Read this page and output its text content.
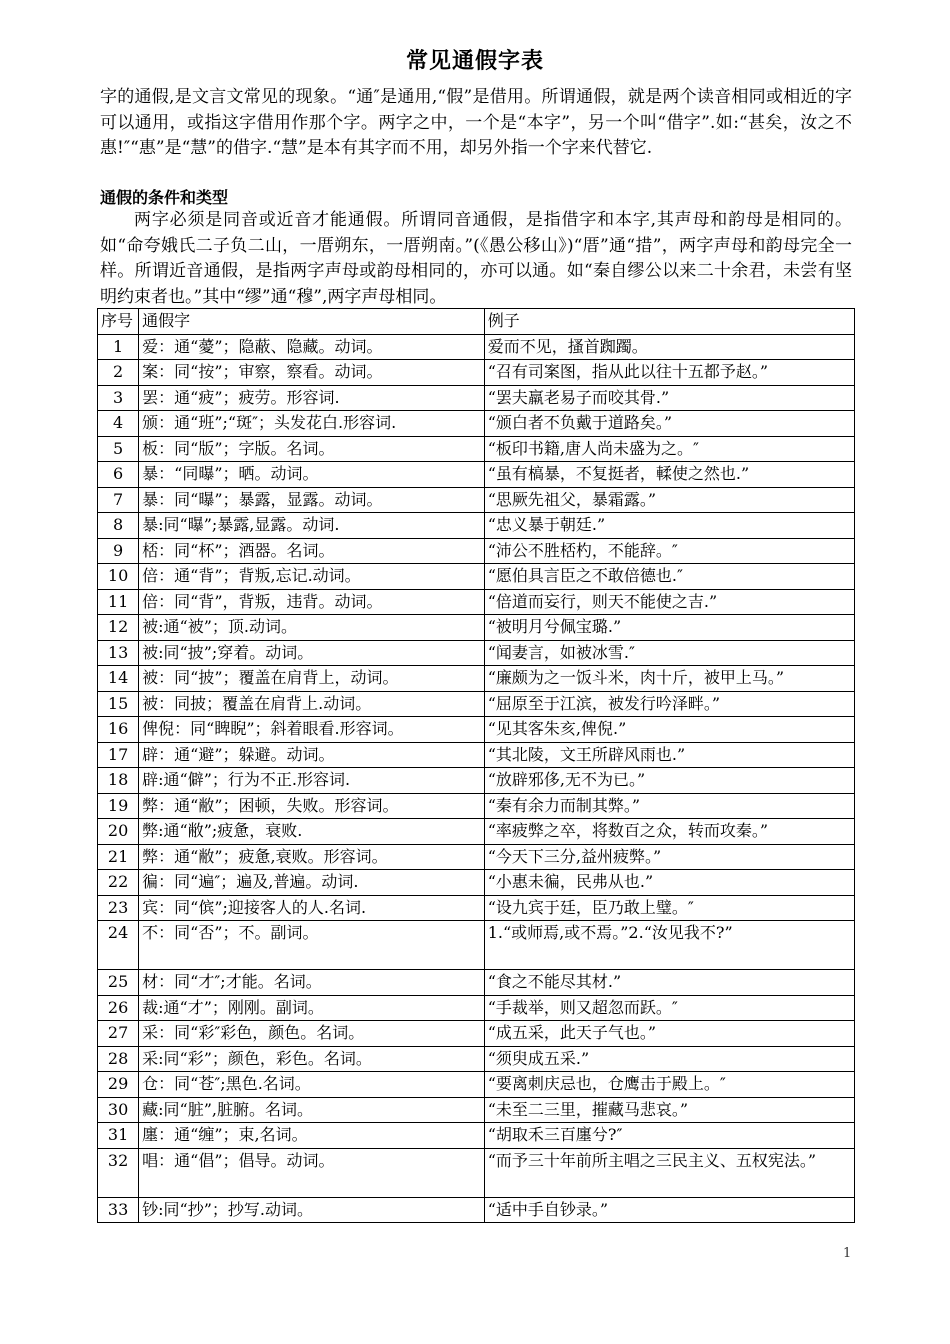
常见通假字表

字的通假,是文言文常见的现象。“通″是通用,“假”是借用。所谓通假，就是两个读音相同或相近的字可以通用，或指这字借用作那个字。两字之中，一个是“本字”，另一个叫“借字”.如:“甚矣，汝之不惠!″“惠”是“慧”的借字.“慧”是本有其字而不用，却另外指一个字来代替它.

通假的条件和类型

两字必须是同音或近音才能通假。所谓同音通假，是指借字和本字,其声母和韵母是相同的。如“命夸娥氏二子负二山，一厝朔东，一厝朔南。”(《愚公移山》)“厝”通“措”，两字声母和韵母完全一样。所谓近音通假，是指两字声母或韵母相同的，亦可以通。如“秦自缪公以来二十余君，未尝有坚明约束者也。”其中“缪”通“穆”,两字声母相同。

序号	通假字	例子
1	爱：通“薆”；隐蔽、隐藏。动词。	爱而不见，搔首踟躅。
2	案：同“按”；审察，察看。动词。	“召有司案图，指从此以往十五都予赵。”
3	罢：通“疲”；疲劳。形容词.	“罢夫羸老易子而咬其骨.”
4	颁：通“班”;“斑″；头发花白.形容词.	“颁白者不负戴于道路矣。”
5	板：同“版”；字版。名词。	“板印书籍,唐人尚未盛为之。″
6	暴：“同曝”；晒。动词。	“虽有槁暴，不复挺者，輮使之然也.”
7	暴：同“曝”；暴露，显露。动词。	“思厥先祖父，暴霜露。”
8	暴:同“曝”;暴露,显露。动词.	“忠义暴于朝廷.”
9	桮：同“杯”；酒器。名词。	“沛公不胜桮杓，不能辞。″
10	倍：通“背”；背叛,忘记.动词。	“愿伯具言臣之不敢倍德也.″
11	倍：同“背”，背叛，违背。动词。	“倍道而妄行，则天不能使之吉.”
12	被:通“被”；顶.动词。	“被明月兮佩宝璐.”
13	被:同“披”;穿着。动词。	“闻妻言，如被冰雪.″
14	被：同“披”；覆盖在肩背上，动词。	“廉颇为之一饭斗米，肉十斤，被甲上马。”
15	被：同披；覆盖在肩背上.动词。	“屈原至于江滨，被发行吟泽畔。”
16	俾倪：同“睥睨”；斜着眼看.形容词。	“见其客朱亥,俾倪.”
17	辟：通“避”；躲避。动词。	“其北陵，文王所辟风雨也.”
18	辟:通“僻”；行为不正.形容词.	“放辟邪侈,无不为已。”
19	弊：通“敝”；困顿，失败。形容词。	“秦有余力而制其弊。”
20	弊:通“敝”;疲惫，衰败.	“率疲弊之卒，将数百之众，转而攻秦。”
21	弊：通“敝”；疲惫,衰败。形容词。	“今天下三分,益州疲弊。”
22	徧：同“遍″；遍及,普遍。动词.	“小惠未徧，民弗从也.”
23	宾：同“傧”;迎接客人的人.名词.	“设九宾于廷，臣乃敢上璧。″
24	不：同“否”；不。副词。	1.“或师焉,或不焉。”2.“汝见我不?”
25	材：同“才″;才能。名词。	“食之不能尽其材.”
26	裁:通“才”；刚刚。副词。	“手裁举，则又超忽而跃。″
27	采：同“彩″彩色，颜色。名词。	“成五采，此天子气也。”
28	采:同“彩”；颜色，彩色。名词。	“须臾成五采.”
29	仓：同“苍″;黑色.名词。	“要离刺庆忌也，仓鹰击于殿上。″
30	藏:同“脏”,脏腑。名词。	“未至二三里，摧藏马悲哀。”
31	廛：通“缠”；束,名词。	“胡取禾三百廛兮?″
32	唱：通“倡”；倡导。动词。	“而予三十年前所主唱之三民主义、五权宪法。”
33	钞:同“抄”；抄写.动词。	“适中手自钞录。”
1
